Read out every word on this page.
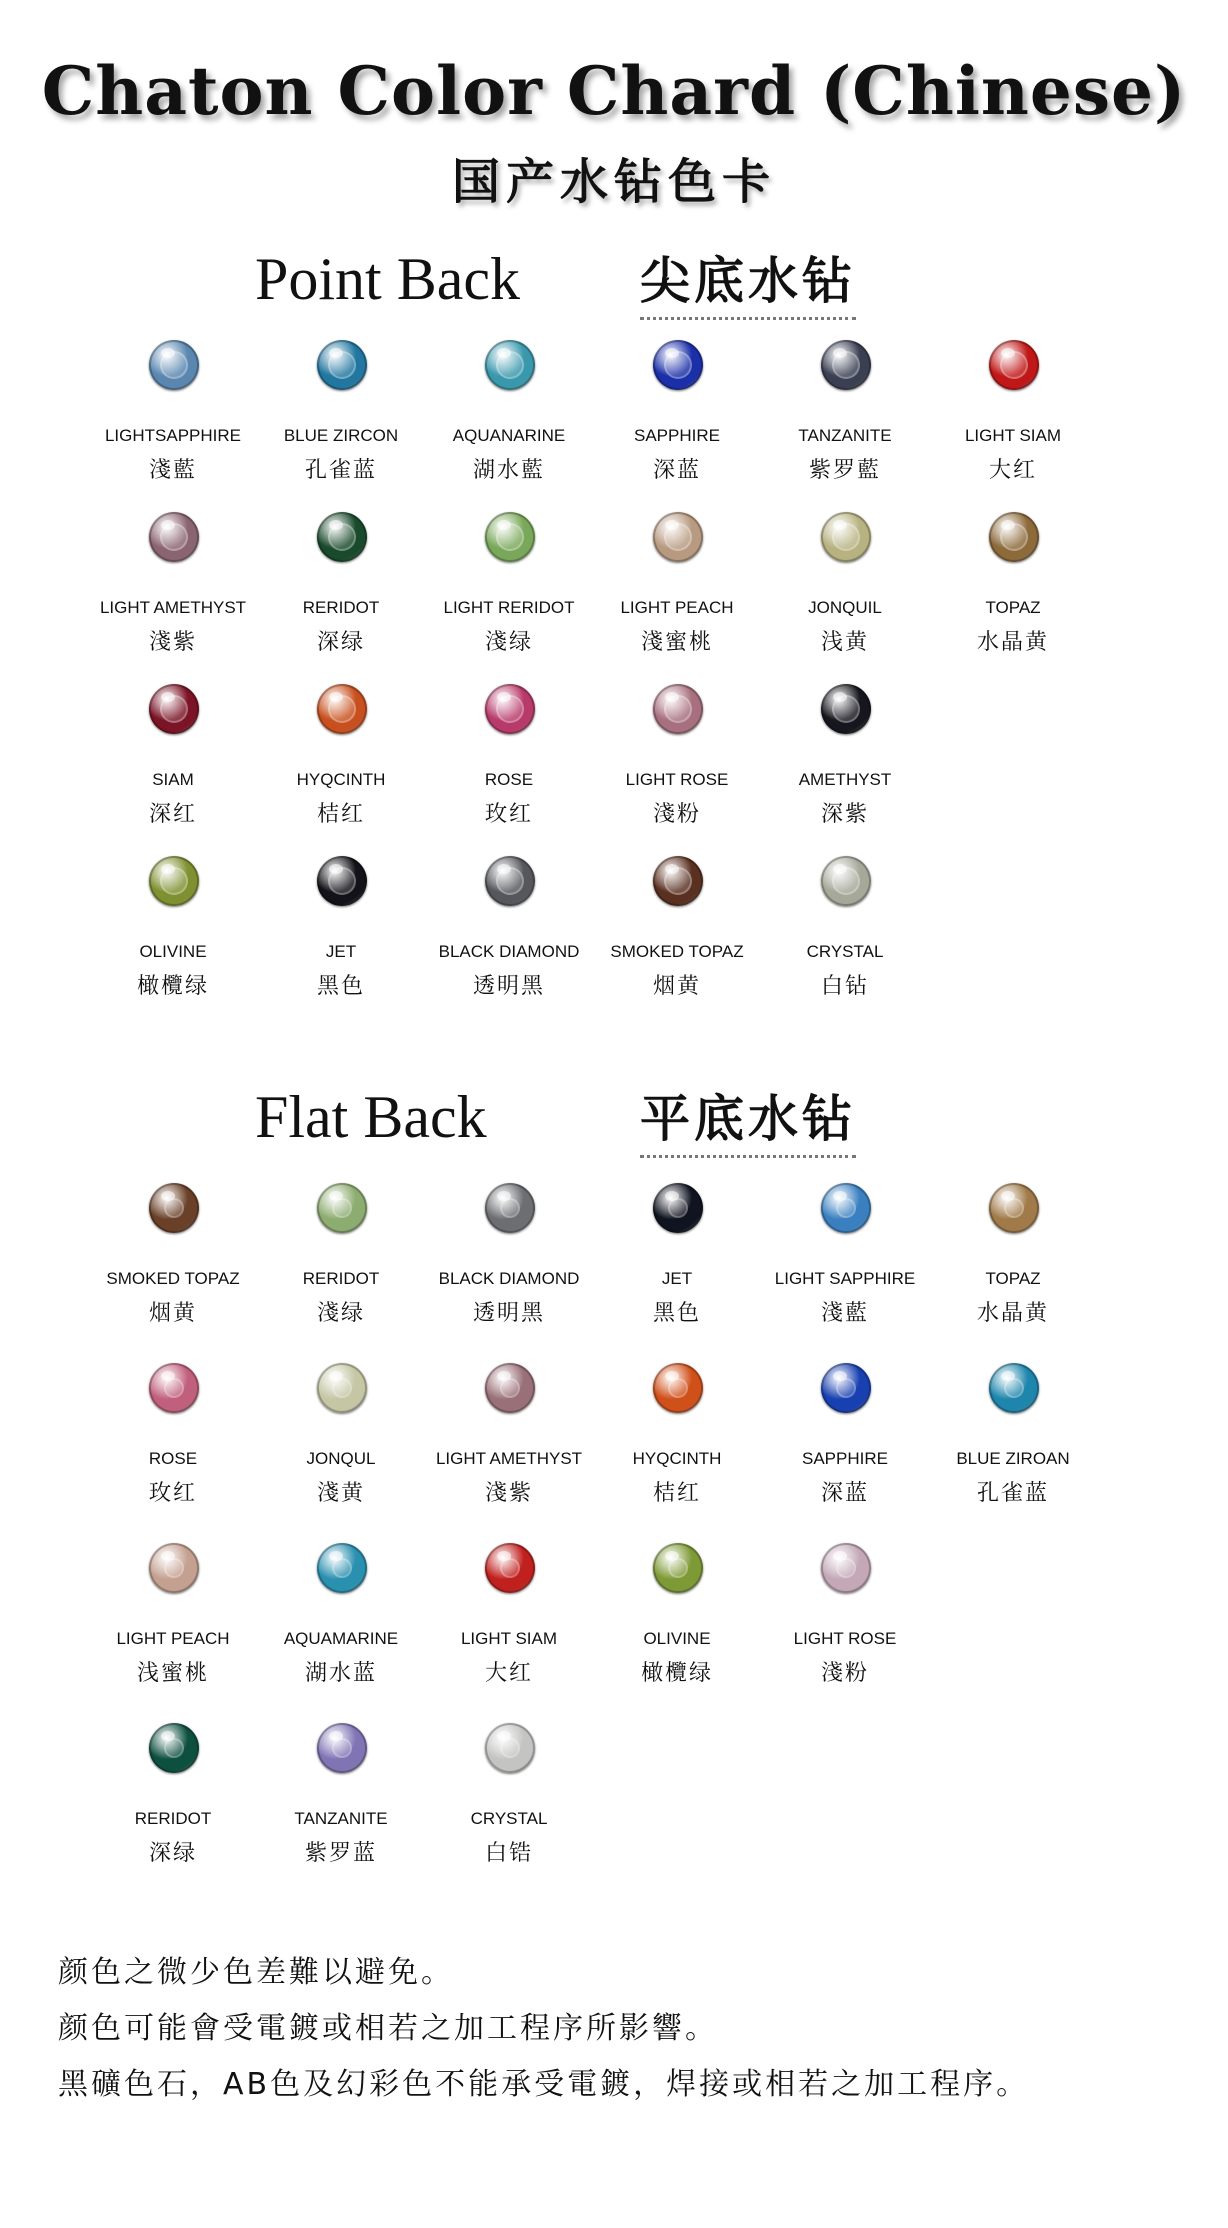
Chaton Color Chard (Chinese)
国产水钻色卡
Point Back 尖底水钻
LIGHTSAPPHIRE
淺藍
BLUE ZIRCON
孔雀蓝
AQUANARINE
湖水藍
SAPPHIRE
深蓝
TANZANITE
紫罗藍
LIGHT SIAM
大红
LIGHT AMETHYST
淺紫
RERIDOT
深绿
LIGHT RERIDOT
淺绿
LIGHT PEACH
淺蜜桃
JONQUIL
浅黄
TOPAZ
水晶黄
SIAM
深红
HYQCINTH
桔红
ROSE
玫红
LIGHT ROSE
淺粉
AMETHYST
深紫
OLIVINE
橄欖绿
JET
黑色
BLACK DIAMOND
透明黑
SMOKED TOPAZ
烟黄
CRYSTAL
白钻
Flat Back	平底水钻
SMOKED TOPAZ
烟黄
RERIDOT
淺绿
BLACK DIAMOND
透明黑
JET
黑色
LIGHT SAPPHIRE
淺藍
TOPAZ
水晶黄
ROSE
玫红
JONQUL
淺黄
LIGHT AMETHYST
淺紫
HYQCINTH
桔红
SAPPHIRE
深蓝
BLUE ZIROAN
孔雀蓝
LIGHT PEACH
浅蜜桃
AQUAMARINE
湖水蓝
LIGHT SIAM
大红
OLIVINE
橄欖绿
LIGHT ROSE
淺粉
RERIDOT
深绿
TANZANITE
紫罗蓝
CRYSTAL
白锆
颜色之微少色差難以避免。
颜色可能會受電鍍或相若之加工程序所影響。
黑礦色石，AB色及幻彩色不能承受電鍍，焊接或相若之加工程序。
